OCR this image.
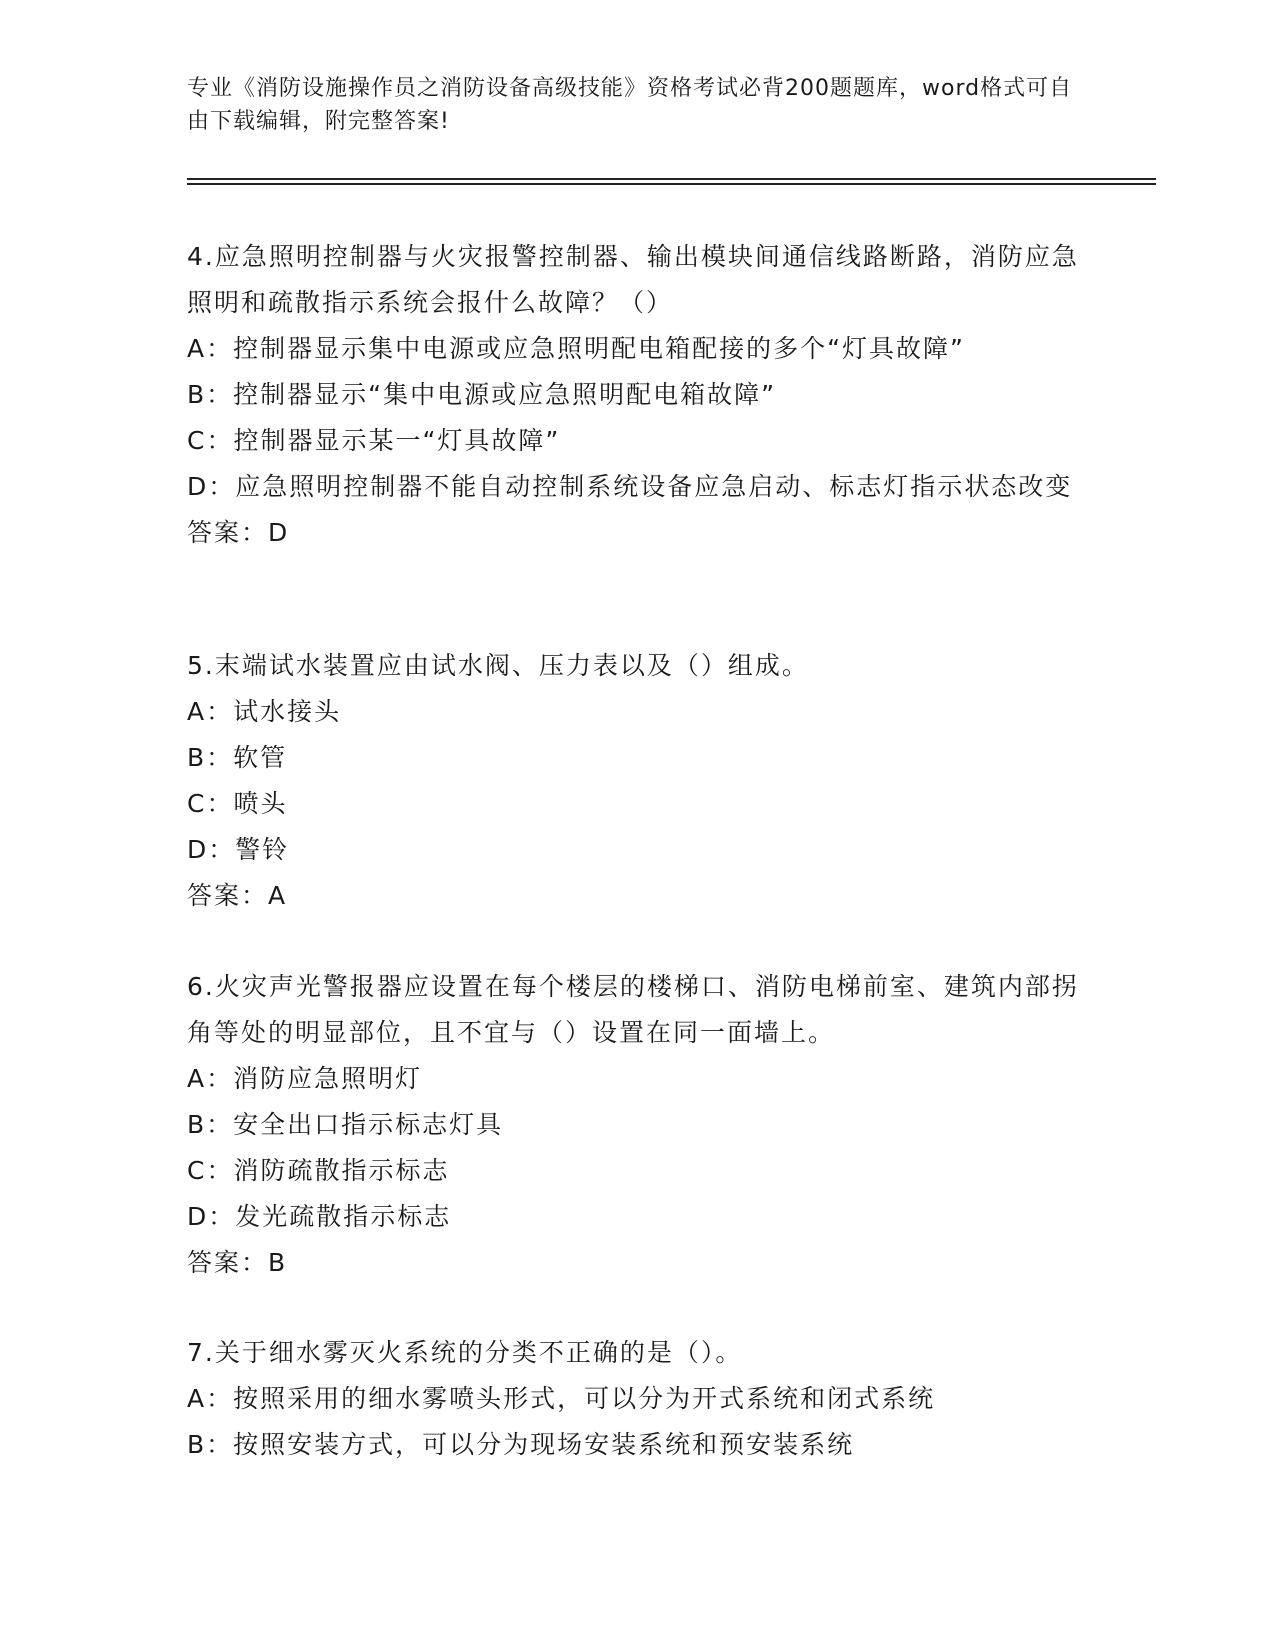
专业《消防设施操作员之消防设备高级技能》资格考试必背200题题库，word格式可自由下载编辑，附完整答案!
4.应急照明控制器与火灾报警控制器、输出模块间通信线路断路，消防应急照明和疏散指示系统会报什么故障？（）
A：控制器显示集中电源或应急照明配电箱配接的多个“灯具故障”
B：控制器显示“集中电源或应急照明配电箱故障”
C：控制器显示某一“灯具故障”
D：应急照明控制器不能自动控制系统设备应急启动、标志灯指示状态改变
答案：D
5.末端试水装置应由试水阀、压力表以及（）组成。
A：试水接头
B：软管
C：喷头
D：警铃
答案：A
6.火灾声光警报器应设置在每个楼层的楼梯口、消防电梯前室、建筑内部拐角等处的明显部位，且不宜与（）设置在同一面墙上。
A：消防应急照明灯
B：安全出口指示标志灯具
C：消防疏散指示标志
D：发光疏散指示标志
答案：B
7.关于细水雾灭火系统的分类不正确的是（）。
A：按照采用的细水雾喷头形式，可以分为开式系统和闭式系统
B：按照安装方式，可以分为现场安装系统和预安装系统
